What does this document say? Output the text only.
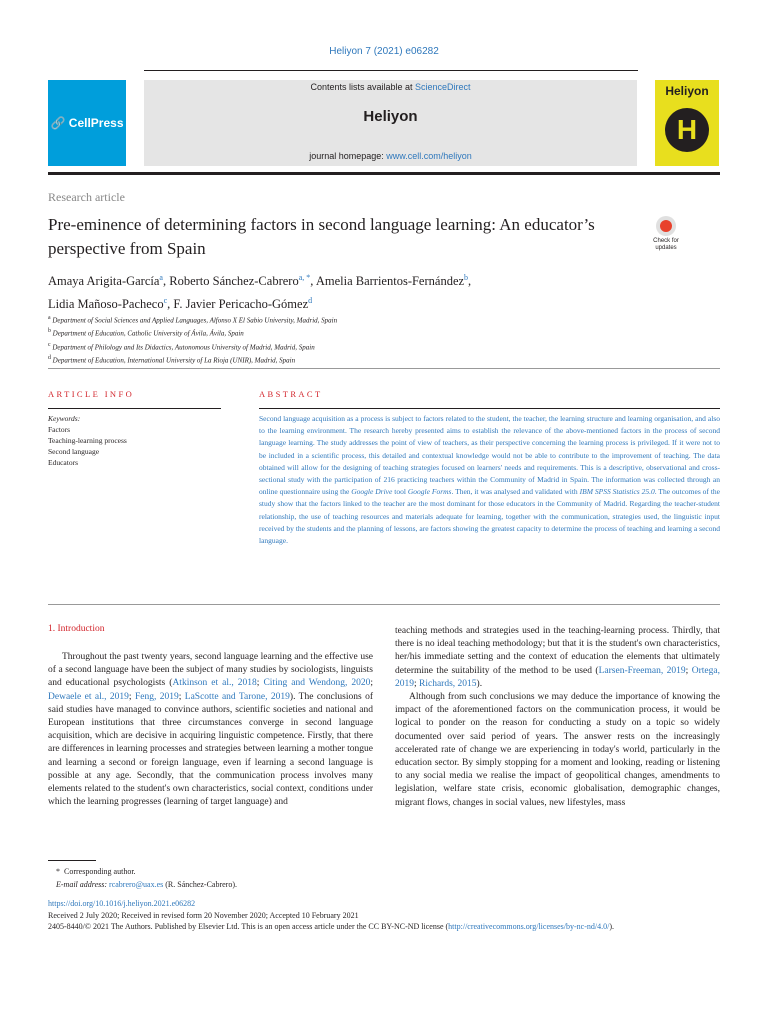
Heliyon 7 (2021) e06282
🔗 CellPress
Contents lists available at ScienceDirect
Heliyon
journal homepage: www.cell.com/heliyon
Heliyon
H
Research article
Pre-eminence of determining factors in second language learning: An educator’s perspective from Spain	Check for updates
Amaya Arigita-García$^a$, Roberto Sánchez-Cabrero$^{a, *}$, Amelia Barrientos-Fernández$^b$,
Lidia Mañoso-Pacheco$^c$, F. Javier Pericacho-Gómez$^d$
$^a$ Department of Social Sciences and Applied Languages, Alfonso X El Sabio University, Madrid, Spain
$^b$ Department of Education, Catholic University of Ávila, Ávila, Spain
$^c$ Department of Philology and Its Didactics, Autonomous University of Madrid, Madrid, Spain
$^d$ Department of Education, International University of La Rioja (UNIR), Madrid, Spain
ARTICLE INFO	ABSTRACT
Keywords:
Factors
Teaching-learning process
Second language
Educators
Second language acquisition as a process is subject to factors related to the student, the teacher, the learning structure and learning organisation, and also to the learning environment. The research hereby presented aims to establish the relevance of the above-mentioned factors in the process of second language learning. The study addresses the point of view of teachers, as their perspective concerning the learning process is privileged. If it were not to be included in a scientific process, this detailed and contextual knowledge would not be able to contribute to the improvement of teaching. The data obtained will allow for the designing of teaching strategies focused on learners' needs and requirements. This is a descriptive, observational and cross-sectional study with the participation of 216 practicing teachers within the Community of Madrid in Spain. The information was collected through an online questionnaire using the Google Drive tool Google Forms. Then, it was analysed and validated with IBM SPSS Statistics 25.0. The outcomes of the study show that the factors linked to the teacher are the most dominant for those educators in the Community of Madrid. Regarding the teacher-student relationship, the use of teaching resources and materials adequate for learning, together with the communication, strategies used, the linguistic input received by the students and the planning of lessons, are factors showing the greatest capacity to determine the process of teaching and learning a second language.
1. Introduction

Throughout the past twenty years, second language learning and the effective use of a second language have been the subject of many studies by sociologists, linguists and educational psychologists (Atkinson et al., 2018; Citing and Wendong, 2020; Dewaele et al., 2019; Feng, 2019; LaScotte and Tarone, 2019). The conclusions of said studies have managed to convince authors, scientific societies and national and European institutions that three circumstances converge in second language acquisition, which are decisive in acquiring linguistic competence. Firstly, that there are differences in learning processes and strategies between learning a mother tongue and learning a second or foreign language, even if learning a second language is possible at any age. Secondly, that the communication process involves many elements related to the student's own characteristics, social context, conditions under which the learning progresses (learning of target language) and

teaching methods and strategies used in the teaching-learning process. Thirdly, that there is no ideal teaching methodology; but that it is the student's own characteristics, her/his immediate setting and the context of education the elements that ultimately determine the suitability of the method to be used (Larsen-Freeman, 2019; Ortega, 2019; Richards, 2015).

Although from such conclusions we may deduce the importance of knowing the impact of the aforementioned factors on the communication process, it would be logical to ponder on the reason for conducting a study on a topic so widely documented over said period of years. The answer rests on the increasingly accelerated rate of change we are experiencing in today's world, particularly in the education sector. By simply stopping for a moment and looking, reading or listening to any social media we realise the impact of geopolitical changes, amendments to legislation, welfare state crisis, economic globalisation, demographic changes, migrant flows, changes in social values, new lifestyles, mass

* Corresponding author.
E-mail address: rcabrero@uax.es (R. Sánchez-Cabrero).
https://doi.org/10.1016/j.heliyon.2021.e06282
Received 2 July 2020; Received in revised form 20 November 2020; Accepted 10 February 2021
2405-8440/© 2021 The Authors. Published by Elsevier Ltd. This is an open access article under the CC BY-NC-ND license (http://creativecommons.org/licenses/by-nc-nd/4.0/).
